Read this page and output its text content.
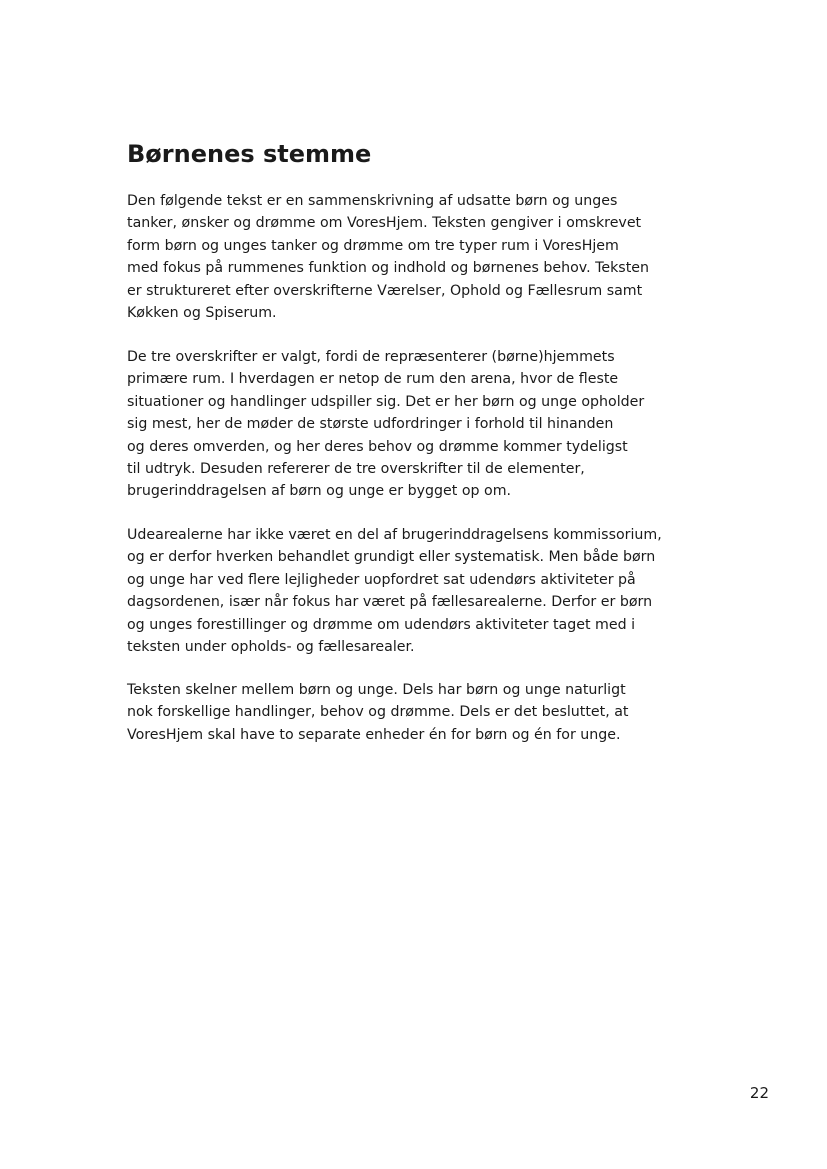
Børnenes stemme

Den følgende tekst er en sammenskrivning af udsatte børn og unges
tanker, ønsker og drømme om VoresHjem. Teksten gengiver i omskrevet
form børn og unges tanker og drømme om tre typer rum i VoresHjem
med fokus på rummenes funktion og indhold og børnenes behov. Teksten
er struktureret efter overskrifterne Værelser, Ophold og Fællesrum samt
Køkken og Spiserum.

De tre overskrifter er valgt, fordi de repræsenterer (børne)hjemmets
primære rum. I hverdagen er netop de rum den arena, hvor de fleste
situationer og handlinger udspiller sig. Det er her børn og unge opholder
sig mest, her de møder de største udfordringer i forhold til hinanden
og deres omverden, og her deres behov og drømme kommer tydeligst
til udtryk. Desuden refererer de tre overskrifter til de elementer,
brugerinddragelsen af børn og unge er bygget op om.

Udearealerne har ikke været en del af brugerinddragelsens kommissorium,
og er derfor hverken behandlet grundigt eller systematisk. Men både børn
og unge har ved flere lejligheder uopfordret sat udendørs aktiviteter på
dagsordenen, især når fokus har været på fællesarealerne. Derfor er børn
og unges forestillinger og drømme om udendørs aktiviteter taget med i
teksten under opholds- og fællesarealer.

Teksten skelner mellem børn og unge. Dels har børn og unge naturligt
nok forskellige handlinger, behov og drømme. Dels er det besluttet, at
VoresHjem skal have to separate enheder én for børn og én for unge.

22
